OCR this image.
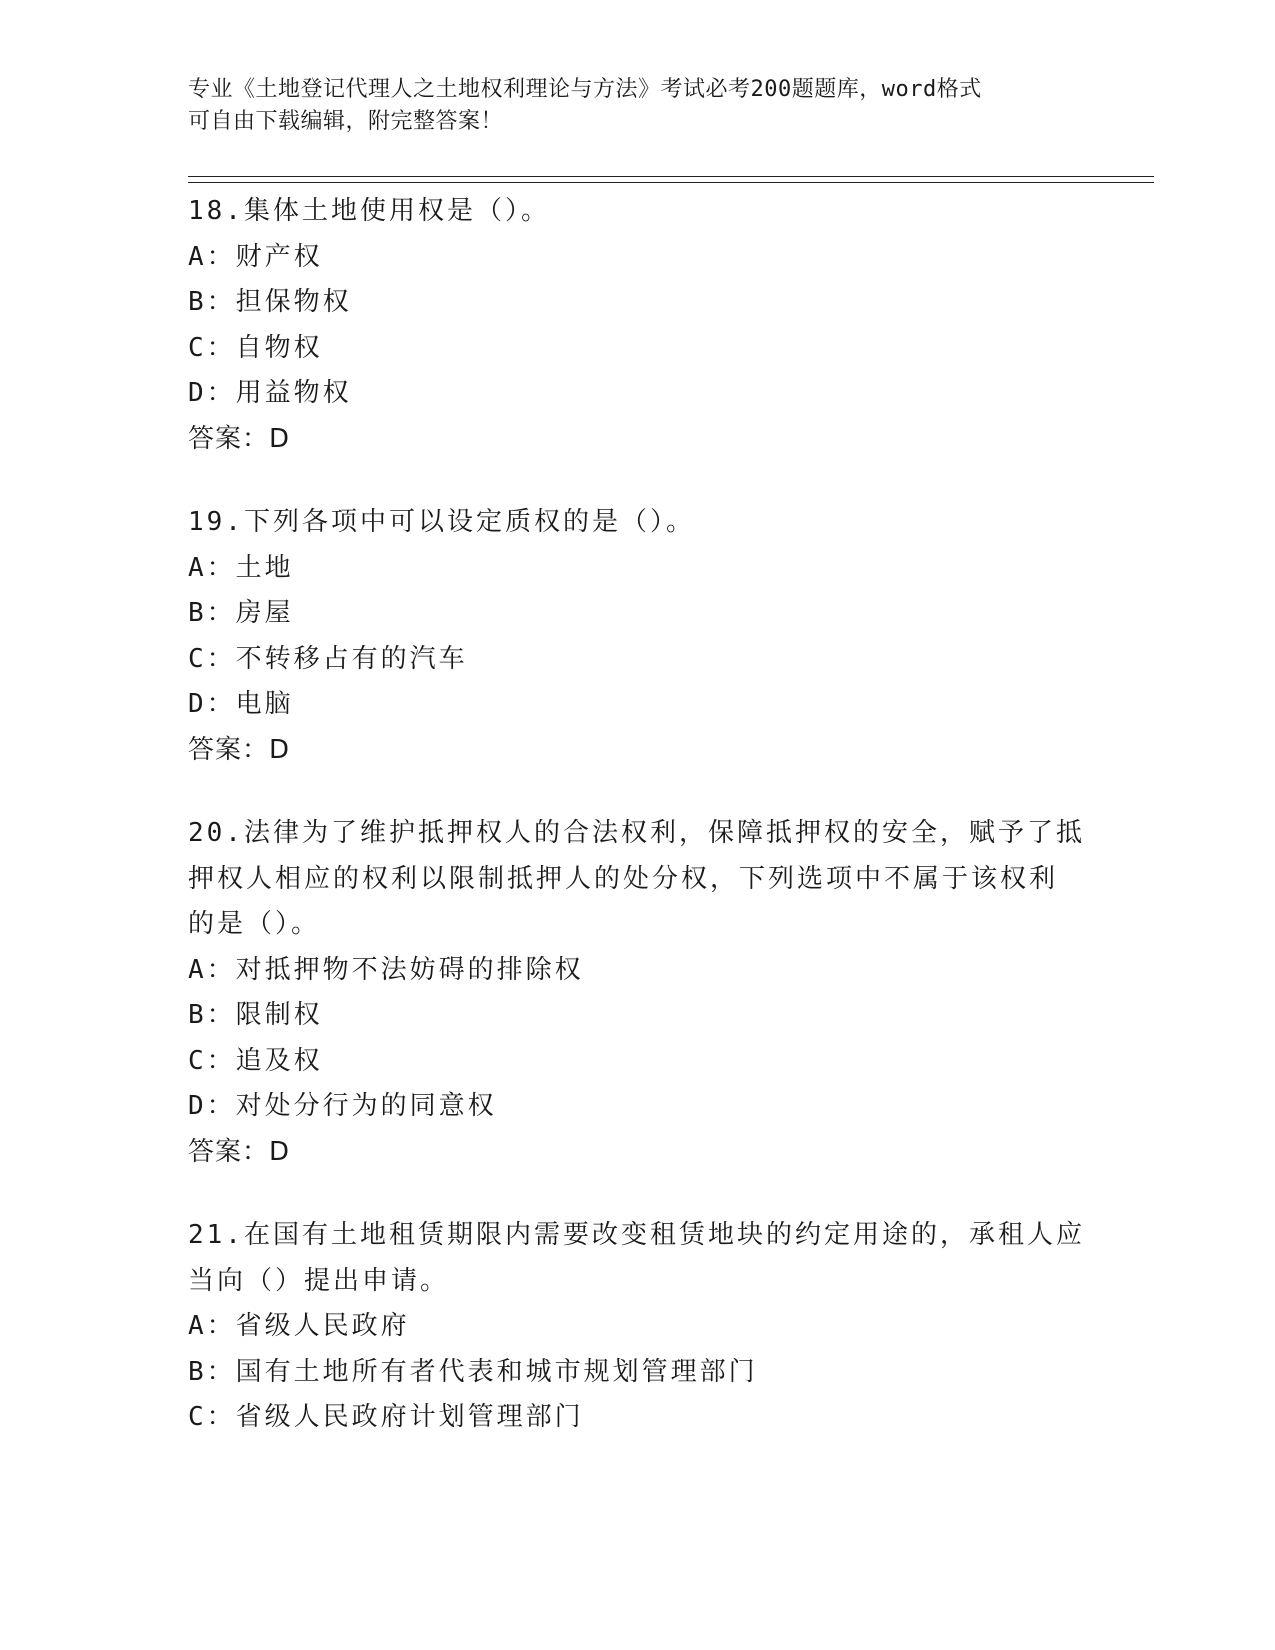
专业《土地登记代理人之土地权利理论与方法》考试必考200题题库，word格式
可自由下载编辑，附完整答案！
18.集体土地使用权是（）。
A：财产权
B：担保物权
C：自物权
D：用益物权
答案：D
19.下列各项中可以设定质权的是（）。
A：土地
B：房屋
C：不转移占有的汽车
D：电脑
答案：D
20.法律为了维护抵押权人的合法权利，保障抵押权的安全，赋予了抵
押权人相应的权利以限制抵押人的处分权，下列选项中不属于该权利
的是（）。
A：对抵押物不法妨碍的排除权
B：限制权
C：追及权
D：对处分行为的同意权
答案：D
21.在国有土地租赁期限内需要改变租赁地块的约定用途的，承租人应
当向（）提出申请。
A：省级人民政府
B：国有土地所有者代表和城市规划管理部门
C：省级人民政府计划管理部门
